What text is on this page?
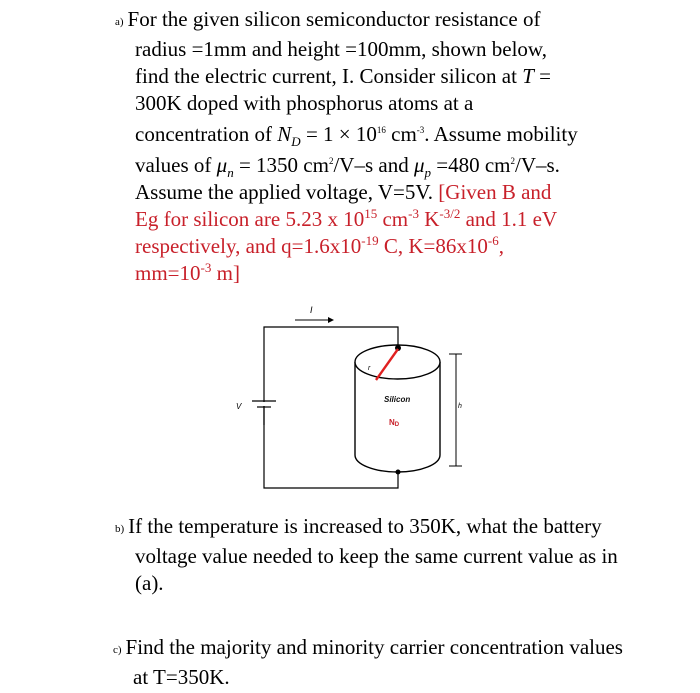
a) For the given silicon semiconductor resistance of
radius =1mm and height =100mm, shown below,
find the electric current, I. Consider silicon at T =
300K doped with phosphorus atoms at a
concentration of $N_D = 1 \times 10^{16}$ $cm^{-3}$. Assume mobility
values of $\mu_n = 1350$ $cm^2/V-s$ and $\mu_p =480$ $cm^2/V-s$.
Assume the applied voltage, V=5V. [Given B and
Eg for silicon are 5.23 x $10^{15}$ $cm^{-3}$ $K^{-3/2}$ and 1.1 eV
respectively, and $q=1.6x10^{-19}$ C, $K=86x10^{-6}$,
$mm=10^{-3}$ m]
I
V
r
Silicon
ND
h
b) If the temperature is increased to 350K, what the battery
voltage value needed to keep the same current value as in
(a).
c) Find the majority and minority carrier concentration values
at T=350K.
